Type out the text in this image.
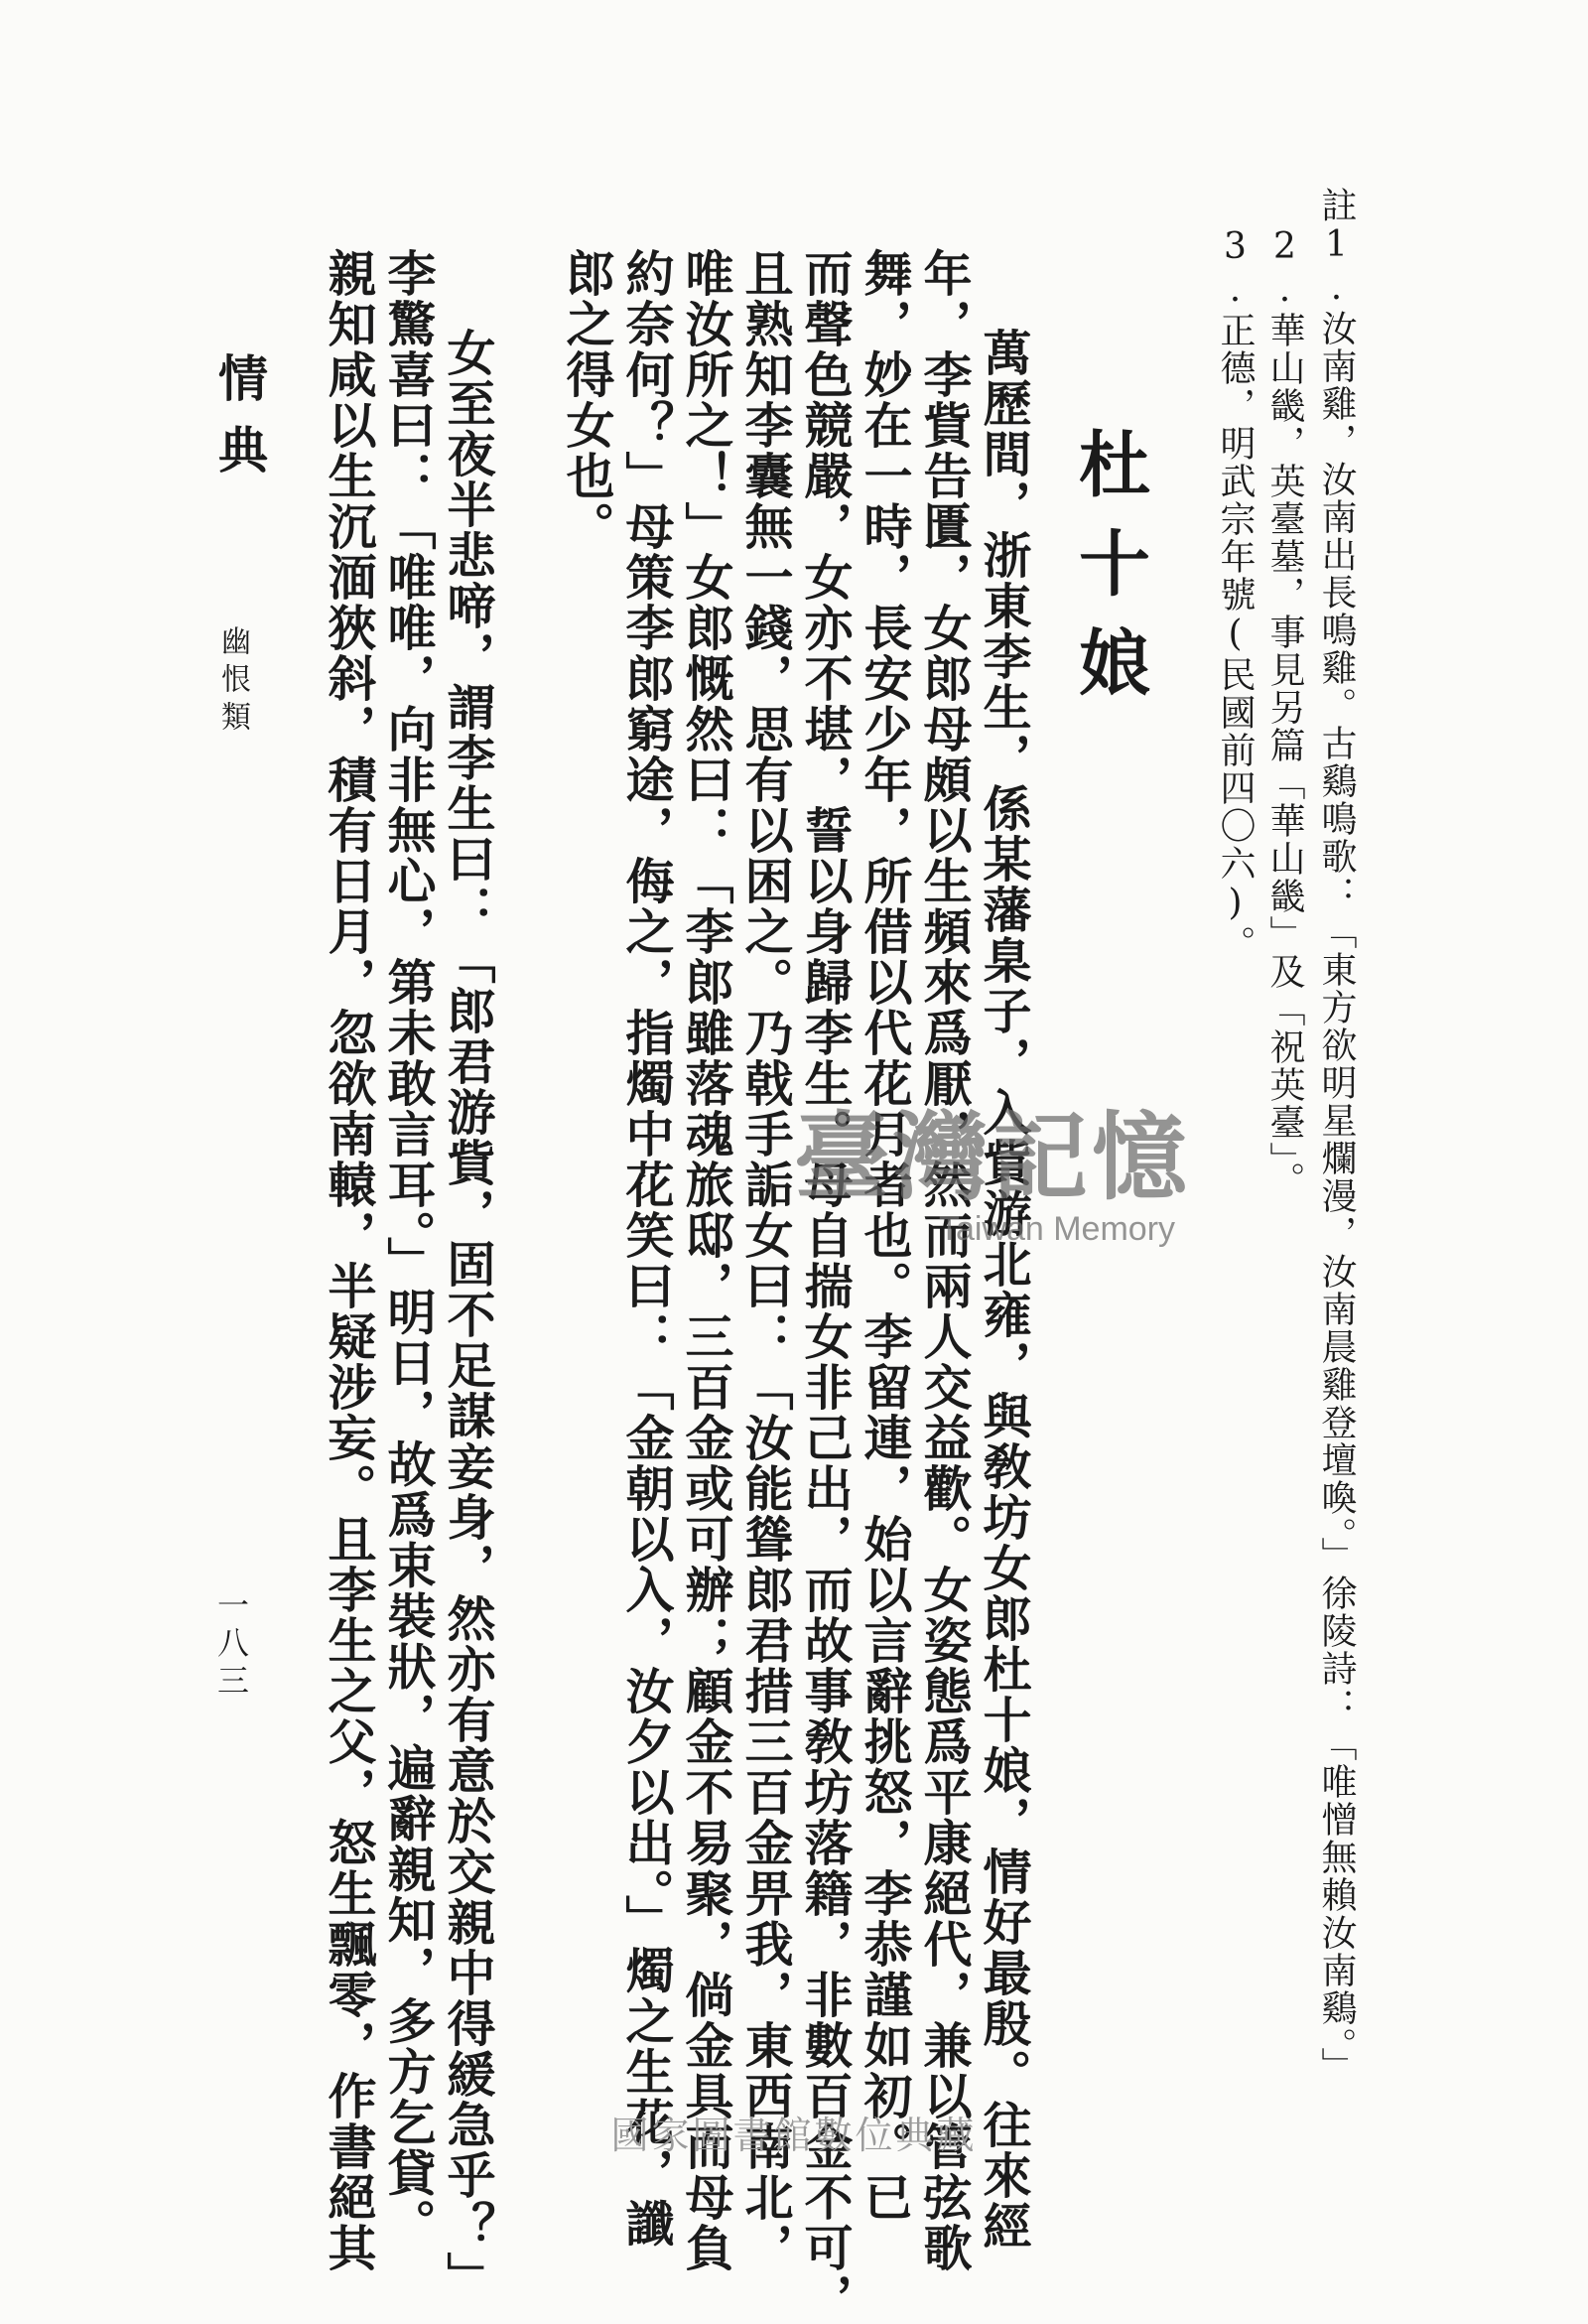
註1.汝南雞，汝南出長鳴雞。古鷄鳴歌：「東方欲明星爛漫，汝南晨雞登壇喚。」徐陵詩：「唯憎無賴汝南鷄。」
2.華山畿，英臺墓，事見另篇「華山畿」及「祝英臺」。
3.正德，明武宗年號(民國前四〇六)。
杜十娘
萬歷間，浙東李生，係某藩臬子，入貲游北雍，與敎坊女郎杜十娘，情好最殷。往來經
年，李貲告匱，女郎母頗以生頻來爲厭，然而兩人交益歡。女姿態爲平康絕代，兼以管弦歌
舞，妙在一時，長安少年，所借以代花月者也。李留連，始以言辭挑怒，李恭謹如初。已
而聲色競嚴，女亦不堪，誓以身歸李生。母自揣女非己出，而故事敎坊落籍，非數百金不可，
且熟知李囊無一錢，思有以困之。乃戟手詬女曰：「汝能聳郎君措三百金畀我，東西南北，
唯汝所之！」女郎慨然曰：「李郎雖落魂旅邸，三百金或可辦；顧金不易聚，倘金具而母負
約奈何？」母策李郎窮途，侮之，指燭中花笑曰：「金朝以入，汝夕以出。」燭之生花，讖
郎之得女也。
女至夜半悲啼，謂李生曰：「郎君游貲，固不足謀妾身，然亦有意於交親中得緩急乎？」
李驚喜曰：「唯唯，向非無心，第未敢言耳。」明日，故爲束裝狀，遍辭親知，多方乞貸。
親知咸以生沉湎狹斜，積有日月，忽欲南轅，半疑涉妄。且李生之父，怒生飄零，作書絕其
情典
幽恨類
一八三
臺灣記憶
Taiwan Memory
國家圖書館數位典藏
